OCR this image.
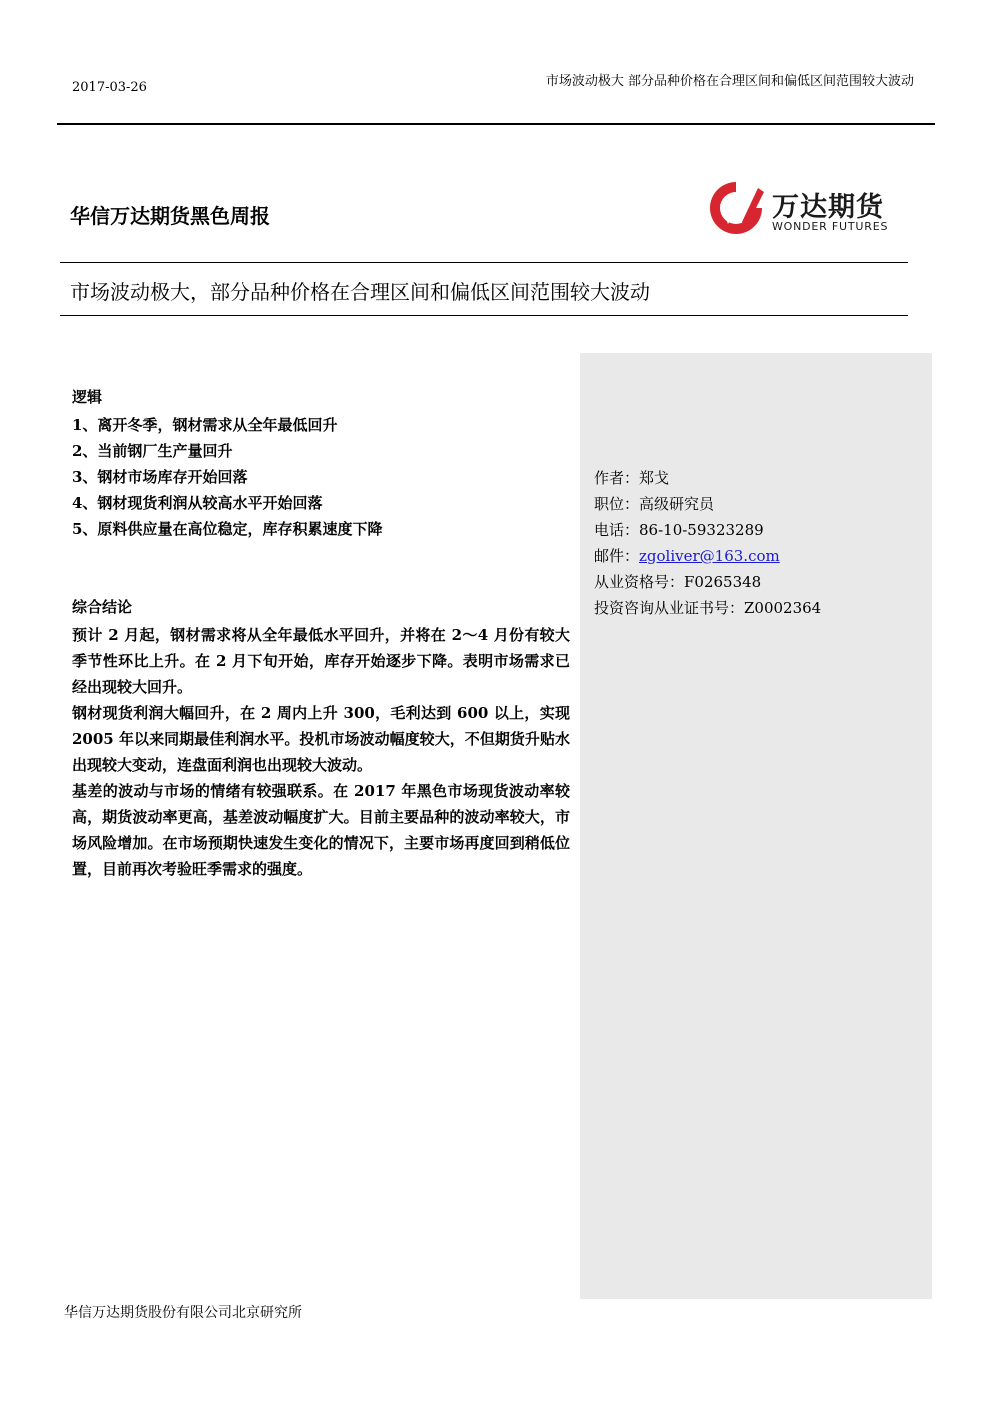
2017-03-26	市场波动极大 部分品种价格在合理区间和偏低区间范围较大波动
华信万达期货黑色周报	万达期货
WONDER FUTURES
市场波动极大，部分品种价格在合理区间和偏低区间范围较大波动
逻辑
1、离开冬季，钢材需求从全年最低回升
2、当前钢厂生产量回升
3、钢材市场库存开始回落
4、钢材现货利润从较高水平开始回落
5、原料供应量在高位稳定，库存积累速度下降
综合结论

预计 2 月起，钢材需求将从全年最低水平回升，并将在 2～4 月份有较大季节性环比上升。在 2 月下旬开始，库存开始逐步下降。表明市场需求已经出现较大回升。

钢材现货利润大幅回升，在 2 周内上升 300，毛利达到 600 以上，实现 2005 年以来同期最佳利润水平。投机市场波动幅度较大，不但期货升贴水出现较大变动，连盘面利润也出现较大波动。

基差的波动与市场的情绪有较强联系。在 2017 年黑色市场现货波动率较高，期货波动率更高，基差波动幅度扩大。目前主要品种的波动率较大，市场风险增加。在市场预期快速发生变化的情况下，主要市场再度回到稍低位置，目前再次考验旺季需求的强度。

作者：郑戈
职位：高级研究员
电话：86-10-59323289
邮件：zgoliver@163.com
从业资格号：F0265348
投资咨询从业证书号：Z0002364
华信万达期货股份有限公司北京研究所
